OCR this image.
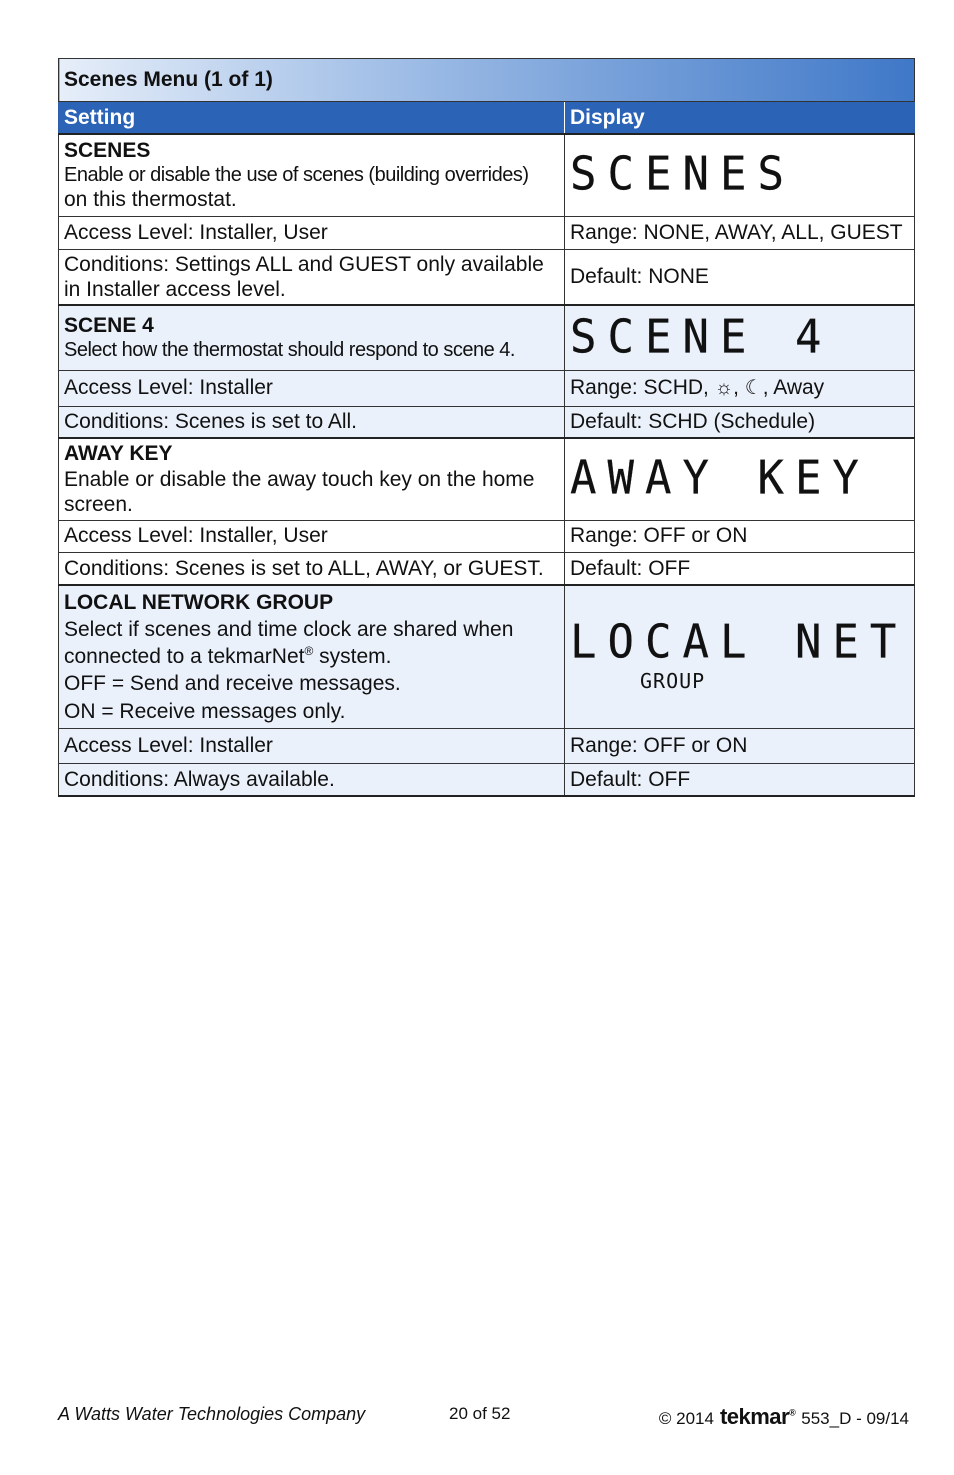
Scenes Menu (1 of 1)	
Setting	Display

SCENES
Enable or disable the use of scenes (building overrides)
on this thermostat.	SCENES

Access Level: Installer, User	Range: NONE, AWAY, ALL, GUEST
Conditions: Settings ALL and GUEST only available
in Installer access level.	Default: NONE

SCENE 4
Select how the thermostat should respond to scene 4.	SCENE 4

Access Level: Installer	Range: SCHD, ☼, ☾, Away
Conditions: Scenes is set to All.	Default: SCHD (Schedule)

AWAY KEY
Enable or disable the away touch key on the home
screen.	AWAY KEY

Access Level: Installer, User	Range: OFF or ON
Conditions: Scenes is set to ALL, AWAY, or GUEST.	Default: OFF

LOCAL NETWORK GROUP
Select if scenes and time clock are shared when
connected to a tekmarNet® system.
OFF = Send and receive messages.
ON = Receive messages only.	LOCAL NET
GROUP

Access Level: Installer	Range: OFF or ON
Conditions: Always available.	Default: OFF
A Watts Water Technologies Company	20 of 52	© 2014 tekmar® 553_D - 09/14
